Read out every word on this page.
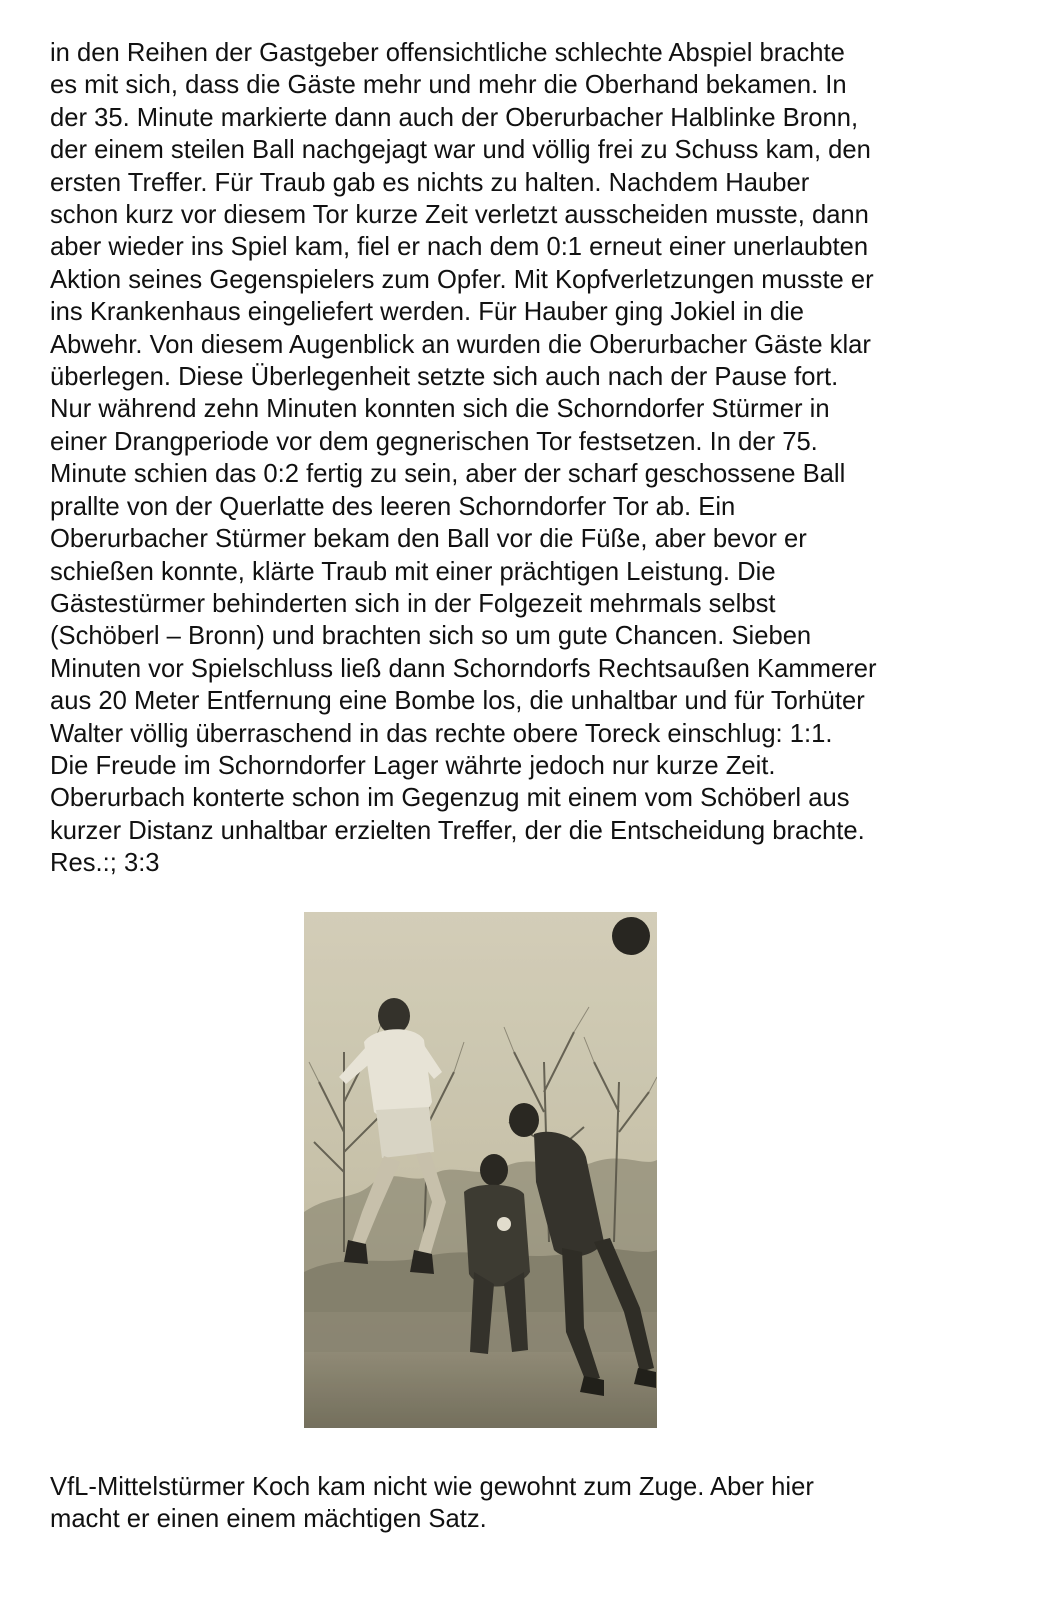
in den Reihen der Gastgeber offensichtliche schlechte Abspiel brachte
es mit sich, dass die Gäste mehr und mehr die Oberhand bekamen. In
der 35. Minute markierte dann auch der Oberurbacher Halblinke Bronn,
der einem steilen Ball nachgejagt war und völlig frei zu Schuss kam, den
ersten Treffer. Für Traub gab es nichts zu halten. Nachdem Hauber
schon kurz vor diesem Tor kurze Zeit verletzt ausscheiden musste, dann
aber wieder ins Spiel kam, fiel er nach dem 0:1 erneut einer unerlaubten
Aktion seines Gegenspielers zum Opfer. Mit Kopfverletzungen musste er
ins Krankenhaus eingeliefert werden. Für Hauber ging Jokiel in die
Abwehr. Von diesem Augenblick an wurden die Oberurbacher Gäste klar
überlegen. Diese Überlegenheit setzte sich auch nach der Pause fort.
Nur während zehn Minuten konnten sich die Schorndorfer Stürmer in
einer Drangperiode vor dem gegnerischen Tor festsetzen. In der 75.
Minute schien das 0:2 fertig zu sein, aber der scharf geschossene Ball
prallte von der Querlatte des leeren Schorndorfer Tor ab. Ein
Oberurbacher Stürmer bekam den Ball vor die Füße, aber bevor er
schießen konnte, klärte Traub mit einer prächtigen Leistung. Die
Gästestürmer behinderten sich in der Folgezeit mehrmals selbst
(Schöberl – Bronn) und brachten sich so um gute Chancen. Sieben
Minuten vor Spielschluss ließ dann Schorndorfs Rechtsaußen Kammerer
aus 20 Meter Entfernung eine Bombe los, die unhaltbar und für Torhüter
Walter völlig überraschend in das rechte obere Toreck einschlug: 1:1.
Die Freude im Schorndorfer Lager währte jedoch nur kurze Zeit.
Oberurbach konterte schon im Gegenzug mit einem vom Schöberl aus
kurzer Distanz unhaltbar erzielten Treffer, der die Entscheidung brachte.
Res.:; 3:3
VfL-Mittelstürmer Koch kam nicht wie gewohnt zum Zuge. Aber hier
macht er einen einem mächtigen Satz.
